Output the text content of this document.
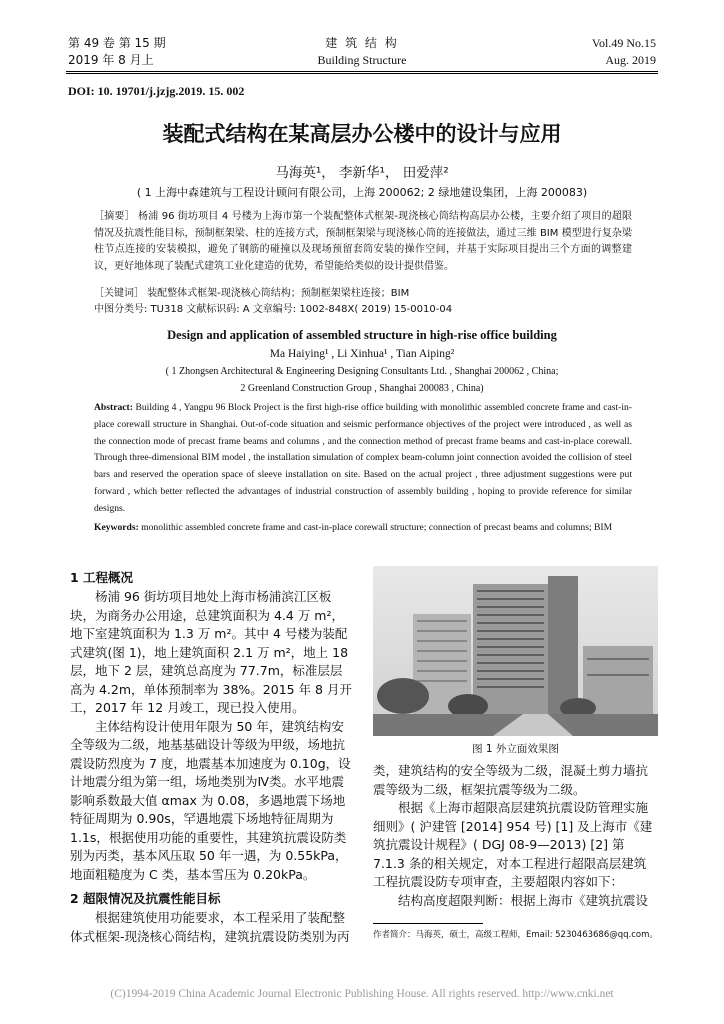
第 49 卷 第 15 期
2019 年 8 月上
建 筑 结 构
Building Structure
Vol.49 No.15
Aug. 2019
DOI: 10. 19701/j.jzjg.2019. 15. 002
装配式结构在某高层办公楼中的设计与应用
马海英¹， 李新华¹， 田爱萍²
( 1 上海中森建筑与工程设计顾问有限公司，上海 200062; 2 绿地建设集团，上海 200083)
［摘要］ 杨浦 96 街坊项目 4 号楼为上海市第一个装配整体式框架-现浇核心筒结构高层办公楼，主要介绍了项目的超限情况及抗震性能目标，预制框架梁、柱的连接方式，预制框架梁与现浇核心筒的连接做法，通过三维 BIM 模型进行复杂梁柱节点连接的安装模拟，避免了钢筋的碰撞以及现场预留套筒安装的操作空间，并基于实际项目提出三个方面的调整建议，更好地体现了装配式建筑工业化建造的优势，希望能给类似的设计提供借鉴。
［关键词］ 装配整体式框架-现浇核心筒结构；预制框架梁柱连接；BIM
中图分类号: TU318 文献标识码: A 文章编号: 1002-848X( 2019) 15-0010-04
Design and application of assembled structure in high-rise office building
Ma Haiying¹ , Li Xinhua¹ , Tian Aiping²
( 1 Zhongsen Architectural & Engineering Designing Consultants Ltd. , Shanghai 200062 , China;
2 Greenland Construction Group , Shanghai 200083 , China)
Abstract: Building 4 , Yangpu 96 Block Project is the first high-rise office building with monolithic assembled concrete frame and cast-in-place corewall structure in Shanghai. Out-of-code situation and seismic performance objectives of the project were introduced , as well as the connection mode of precast frame beams and columns , and the connection method of precast frame beams and cast-in-place corewall. Through three-dimensional BIM model , the installation simulation of complex beam-column joint connection avoided the collision of steel bars and reserved the operation space of sleeve installation on site. Based on the actual project , three adjustment suggestions were put forward , which better reflected the advantages of industrial construction of assembly building , hoping to provide reference for similar designs.
Keywords: monolithic assembled concrete frame and cast-in-place corewall structure; connection of precast beams and columns; BIM
1 工程概况

杨浦 96 街坊项目地处上海市杨浦滨江区板块，为商务办公用途，总建筑面积为 4.4 万 m²，地下室建筑面积为 1.3 万 m²。其中 4 号楼为装配式建筑(图 1)，地上建筑面积 2.1 万 m²，地上 18 层，地下 2 层，建筑总高度为 77.7m，标准层层高为 4.2m，单体预制率为 38%。2015 年 8 月开工，2017 年 12 月竣工，现已投入使用。

主体结构设计使用年限为 50 年，建筑结构安全等级为二级，地基基础设计等级为甲级，场地抗震设防烈度为 7 度，地震基本加速度为 0.10g，设计地震分组为第一组，场地类别为Ⅳ类。水平地震影响系数最大值 αmax 为 0.08，多遇地震下场地特征周期为 0.90s，罕遇地震下场地特征周期为 1.1s，根据使用功能的重要性，其建筑抗震设防类别为丙类，基本风压取 50 年一遇，为 0.55kPa，地面粗糙度为 C 类，基本雪压为 0.20kPa。

2 超限情况及抗震性能目标

根据建筑使用功能要求，本工程采用了装配整体式框架-现浇核心筒结构，建筑抗震设防类别为丙

图 1 外立面效果图

类，建筑结构的安全等级为二级，混凝土剪力墙抗震等级为二级，框架抗震等级为二级。

根据《上海市超限高层建筑抗震设防管理实施细则》( 沪建管 [2014] 954 号) [1] 及上海市《建筑抗震设计规程》( DGJ 08-9—2013) [2] 第 7.1.3 条的相关规定，对本工程进行超限高层建筑工程抗震设防专项审查，主要超限内容如下：

结构高度超限判断：根据上海市《建筑抗震设

作者简介：马海英，硕士，高级工程师，Email: 5230463686@qq.com。
(C)1994-2019 China Academic Journal Electronic Publishing House. All rights reserved. http://www.cnki.net
